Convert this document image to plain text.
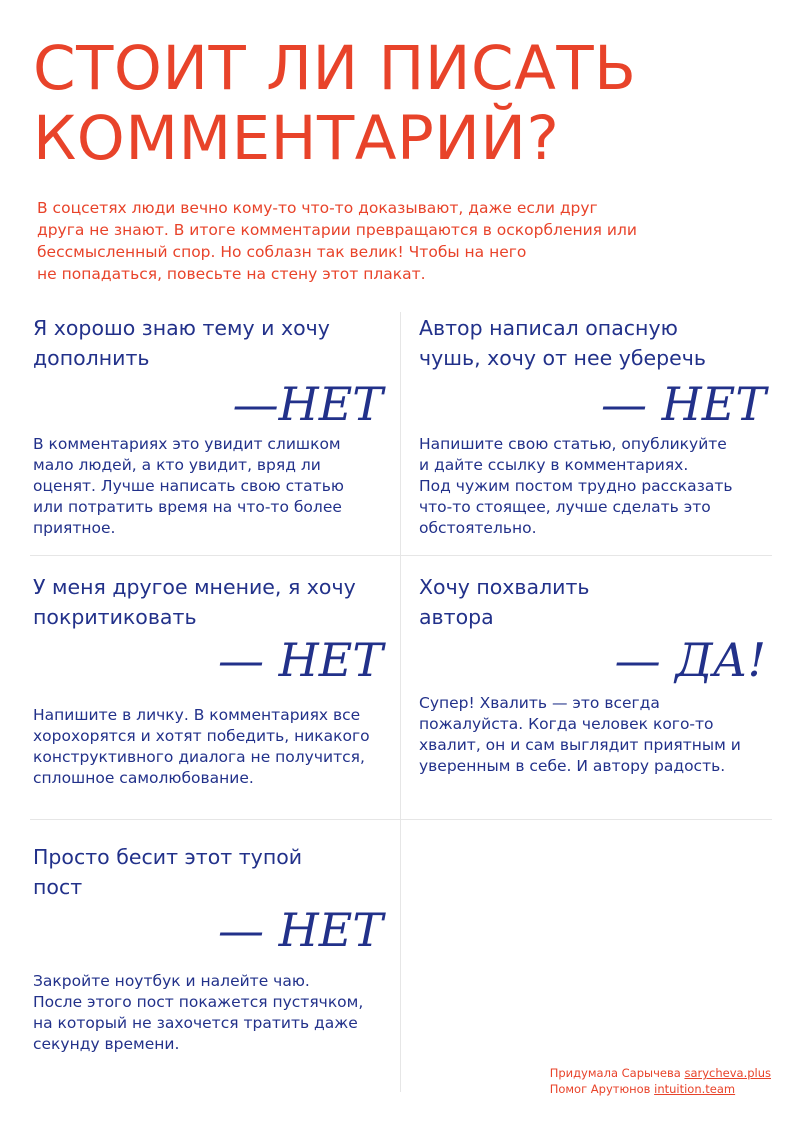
СТОИТ ЛИ ПИСАТЬ
КОММЕНТАРИЙ?

В соцсетях люди вечно кому-то что-то доказывают, даже если друг
друга не знают. В итоге комментарии превращаются в оскорбления или
бессмысленный спор. Но соблазн так велик! Чтобы на него
не попадаться, повесьте на стену этот плакат.

Я хорошо знаю тему и хочу
дополнить
—НЕТ

В комментариях это увидит слишком
мало людей, а кто увидит, вряд ли
оценят. Лучше написать свою статью
или потратить время на что-то более
приятное.

Автор написал опасную
чушь, хочу от нее уберечь
— НЕТ

Напишите свою статью, опубликуйте
и дайте ссылку в комментариях.
Под чужим постом трудно рассказать
что-то стоящее, лучше сделать это
обстоятельно.

У меня другое мнение, я хочу
покритиковать
— НЕТ

Напишите в личку. В комментариях все
хорохорятся и хотят победить, никакого
конструктивного диалога не получится,
сплошное самолюбование.

Хочу похвалить
автора
— ДА!

Супер! Хвалить — это всегда
пожалуйста. Когда человек кого-то
хвалит, он и сам выглядит приятным и
уверенным в себе. И автору радость.

Просто бесит этот тупой
пост
— НЕТ

Закройте ноутбук и налейте чаю.
После этого пост покажется пустячком,
на который не захочется тратить даже
секунду времени.

Придумала Сарычева sarycheva.plus
Помог Арутюнов intuition.team
